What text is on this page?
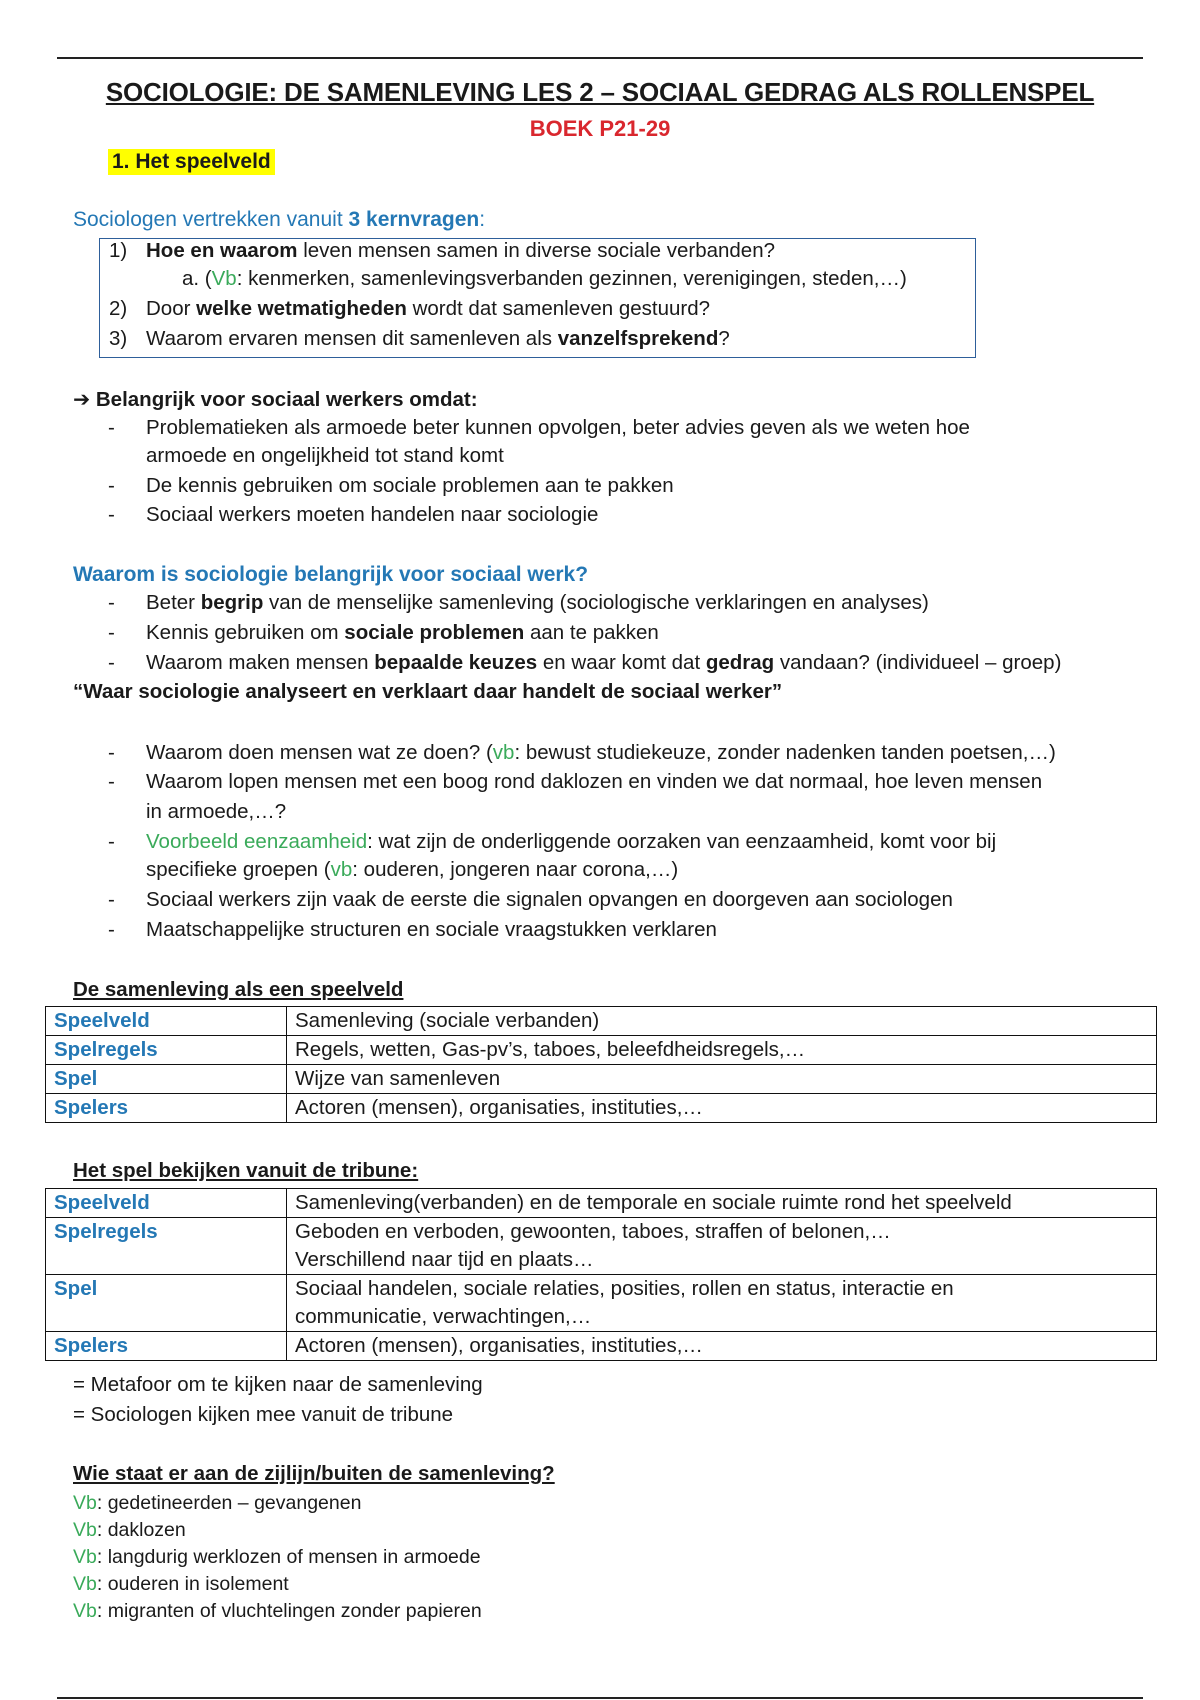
SOCIOLOGIE: DE SAMENLEVING LES 2 – SOCIAAL GEDRAG ALS ROLLENSPEL
BOEK P21-29
1. Het speelveld
Sociologen vertrekken vanuit 3 kernvragen:
1) Hoe en waarom leven mensen samen in diverse sociale verbanden?
a. (Vb: kenmerken, samenlevingsverbanden gezinnen, verenigingen, steden,…)
2) Door welke wetmatigheden wordt dat samenleven gestuurd?
3) Waarom ervaren mensen dit samenleven als vanzelfsprekend?
➔ Belangrijk voor sociaal werkers omdat:
- Problematieken als armoede beter kunnen opvolgen, beter advies geven als we weten hoe
armoede en ongelijkheid tot stand komt
- De kennis gebruiken om sociale problemen aan te pakken
- Sociaal werkers moeten handelen naar sociologie
Waarom is sociologie belangrijk voor sociaal werk?
- Beter begrip van de menselijke samenleving (sociologische verklaringen en analyses)
- Kennis gebruiken om sociale problemen aan te pakken
- Waarom maken mensen bepaalde keuzes en waar komt dat gedrag vandaan? (individueel – groep)
“Waar sociologie analyseert en verklaart daar handelt de sociaal werker”
- Waarom doen mensen wat ze doen? (vb: bewust studiekeuze, zonder nadenken tanden poetsen,…)
- Waarom lopen mensen met een boog rond daklozen en vinden we dat normaal, hoe leven mensen
in armoede,…?
- Voorbeeld eenzaamheid: wat zijn de onderliggende oorzaken van eenzaamheid, komt voor bij
specifieke groepen (vb: ouderen, jongeren naar corona,…)
- Sociaal werkers zijn vaak de eerste die signalen opvangen en doorgeven aan sociologen
- Maatschappelijke structuren en sociale vraagstukken verklaren
De samenleving als een speelveld
Speelveld	Samenleving (sociale verbanden)
Spelregels	Regels, wetten, Gas-pv’s, taboes, beleefdheidsregels,…
Spel	Wijze van samenleven
Spelers	Actoren (mensen), organisaties, instituties,…
Het spel bekijken vanuit de tribune:
Speelveld	Samenleving(verbanden) en de temporale en sociale ruimte rond het speelveld
Spelregels	Geboden en verboden, gewoonten, taboes, straffen of belonen,…
Verschillend naar tijd en plaats…

Spel	Sociaal handelen, sociale relaties, posities, rollen en status, interactie en
communicatie, verwachtingen,…

Spelers	Actoren (mensen), organisaties, instituties,…
= Metafoor om te kijken naar de samenleving
= Sociologen kijken mee vanuit de tribune
Wie staat er aan de zijlijn/buiten de samenleving?
Vb: gedetineerden – gevangenen
Vb: daklozen
Vb: langdurig werklozen of mensen in armoede
Vb: ouderen in isolement
Vb: migranten of vluchtelingen zonder papieren
